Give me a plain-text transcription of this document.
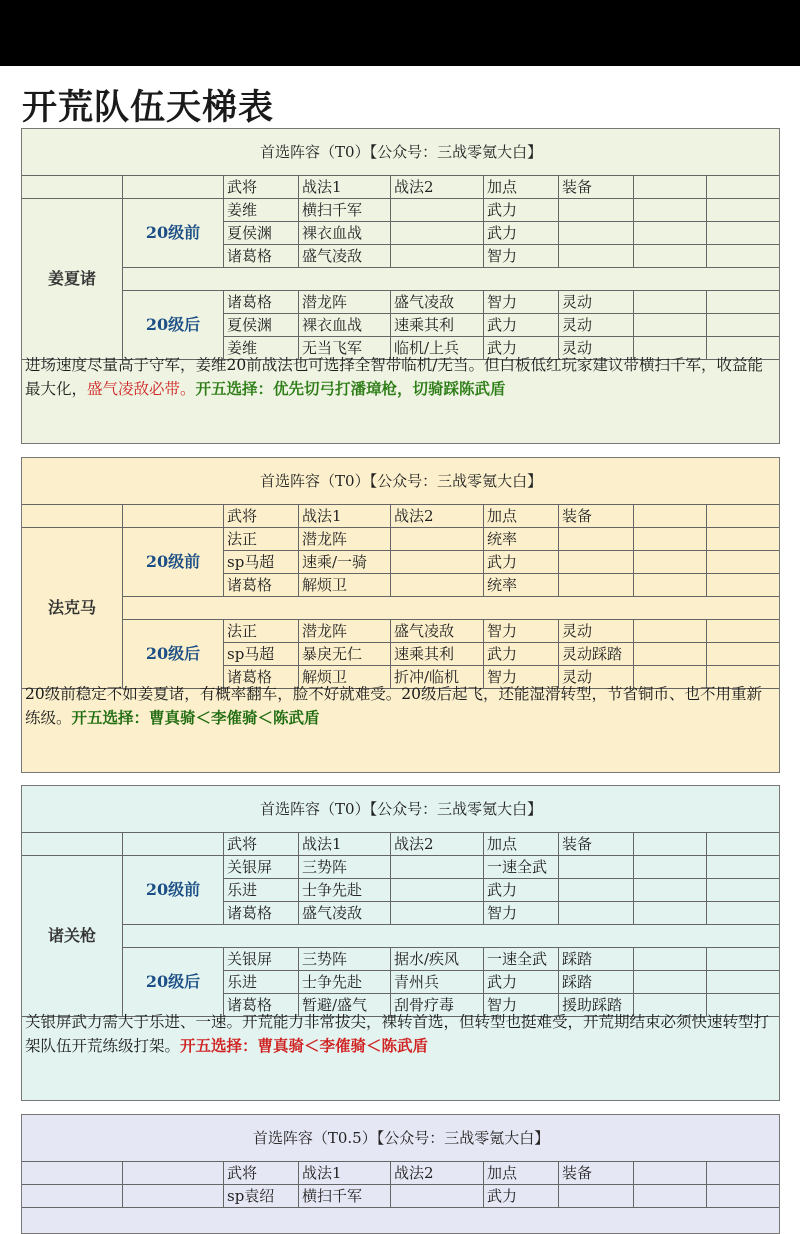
开荒队伍天梯表
首选阵容（T0）【公众号：三战零氪大白】								
		武将	战法1	战法2	加点	装备		
姜夏诸	20级前	姜维	横扫千军		武力			
		夏侯渊	裸衣血战		武力			
		诸葛格	盛气凌敌		智力			

	20级后	诸葛格	潜龙阵	盛气凌敌	智力	灵动		
		夏侯渊	裸衣血战	速乘其利	武力	灵动		
		姜维	无当飞军	临机/上兵	武力	灵动		
进场速度尽量高于守军，姜维20前战法也可选择全智带临机/无当。但白板低红玩家建议带横扫千军，收益能最大化，盛气凌敌必带。开五选择：优先切弓打潘璋枪，切骑踩陈武盾
首选阵容（T0）【公众号：三战零氪大白】								
		武将	战法1	战法2	加点	装备		
法克马	20级前	法正	潜龙阵		统率			
		sp马超	速乘/一骑		武力			
		诸葛格	解烦卫		统率			

	20级后	法正	潜龙阵	盛气凌敌	智力	灵动		
		sp马超	暴戾无仁	速乘其利	武力	灵动踩踏		
		诸葛格	解烦卫	折冲/临机	智力	灵动		
20级前稳定不如姜夏诸，有概率翻车，脸不好就难受。20级后起飞，还能湿滑转型，节省铜币、也不用重新练级。开五选择：曹真骑＜李傕骑＜陈武盾
首选阵容（T0）【公众号：三战零氪大白】								
		武将	战法1	战法2	加点	装备		
诸关枪	20级前	关银屏	三势阵		一速全武			
		乐进	士争先赴		武力			
		诸葛格	盛气凌敌		智力			

	20级后	关银屏	三势阵	据水/疾风	一速全武	踩踏		
		乐进	士争先赴	青州兵	武力	踩踏		
		诸葛格	暂避/盛气	刮骨疗毒	智力	援助踩踏		
关银屏武力需大于乐进、一速。开荒能力非常拔尖，裸转首选，但转型也挺难受，开荒期结束必须快速转型打架队伍开荒练级打架。开五选择：曹真骑＜李傕骑＜陈武盾
首选阵容（T0.5）【公众号：三战零氪大白】								
		武将	战法1	战法2	加点	装备		
		sp袁绍	横扫千军		武力			
